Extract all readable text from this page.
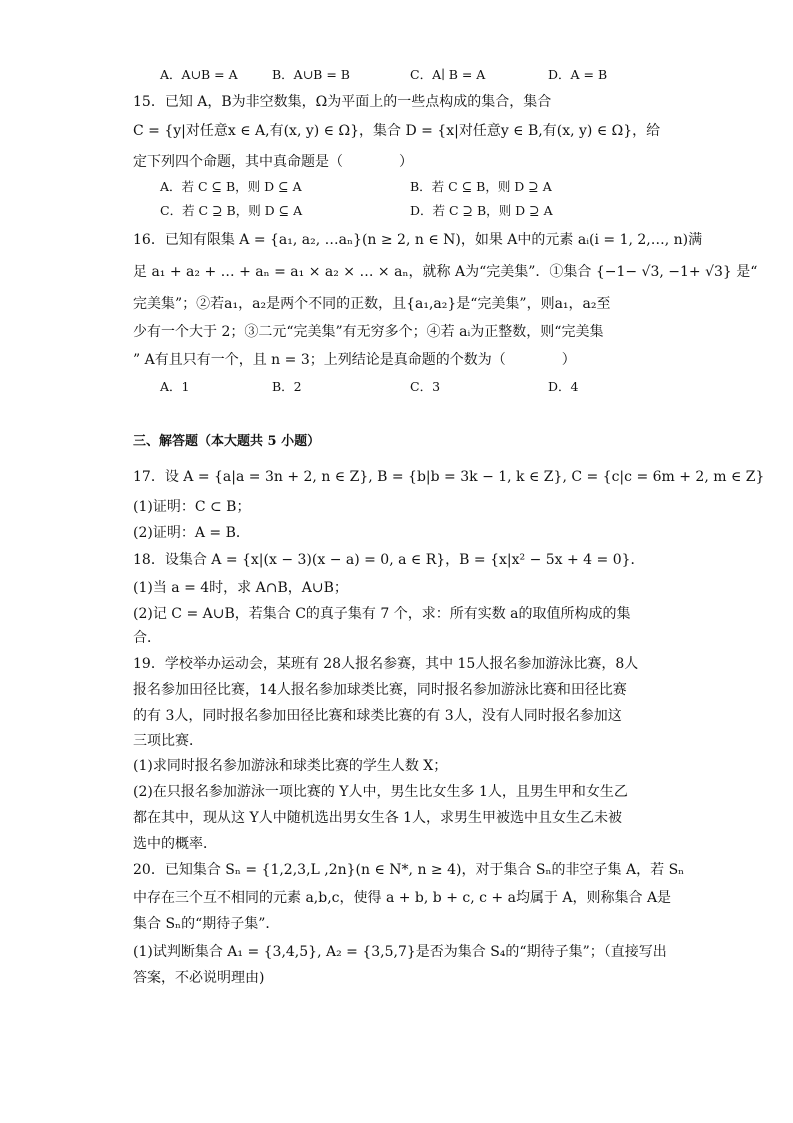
A．A∪B = A	B．A∪B = B	C．A∣ B = A	D．A = B
15．已知 A，B为非空数集，Ω为平面上的一些点构成的集合，集合
C = {y|对任意x ∈ A,有(x, y) ∈ Ω}，集合 D = {x|对任意y ∈ B,有(x, y) ∈ Ω}，给
定下列四个命题，其中真命题是（　　　　）
A．若 C ⊆ B，则 D ⊆ A	B．若 C ⊆ B，则 D ⊇ A
C．若 C ⊇ B，则 D ⊆ A	D．若 C ⊇ B，则 D ⊇ A
16．已知有限集 A = {a₁, a₂, …aₙ}(n ≥ 2, n ∈ N)，如果 A中的元素 aᵢ(i = 1, 2,…, n)满
足 a₁ + a₂ + … + aₙ = a₁ × a₂ × … × aₙ，就称 A为“完美集”．①集合 {−1− √3, −1+ √3} 是“
完美集”；②若a₁，a₂是两个不同的正数，且{a₁,a₂}是“完美集”，则a₁，a₂至
少有一个大于 2；③二元“完美集”有无穷多个；④若 aᵢ为正整数，则“完美集
” A有且只有一个，且 n = 3；上列结论是真命题的个数为（　　　　）
A．1	B．2	C．3	D．4
三、解答题（本大题共 5 小题）
17．设 A = {a|a = 3n + 2, n ∈ Z}, B = {b|b = 3k − 1, k ∈ Z}, C = {c|c = 6m + 2, m ∈ Z}
(1)证明：C ⊂ B；
(2)证明：A = B．
18．设集合 A = {x|(x − 3)(x − a) = 0, a ∈ R}，B = {x|x² − 5x + 4 = 0}．
(1)当 a = 4时，求 A∩B，A∪B；
(2)记 C = A∪B，若集合 C的真子集有 7 个，求：所有实数 a的取值所构成的集
合．
19．学校举办运动会，某班有 28人报名参赛，其中 15人报名参加游泳比赛，8人
报名参加田径比赛，14人报名参加球类比赛，同时报名参加游泳比赛和田径比赛
的有 3人，同时报名参加田径比赛和球类比赛的有 3人，没有人同时报名参加这
三项比赛．
(1)求同时报名参加游泳和球类比赛的学生人数 X；
(2)在只报名参加游泳一项比赛的 Y人中，男生比女生多 1人，且男生甲和女生乙
都在其中，现从这 Y人中随机选出男女生各 1人，求男生甲被选中且女生乙未被
选中的概率．
20．已知集合 Sₙ = {1,2,3,L ,2n}(n ∈ N*, n ≥ 4)，对于集合 Sₙ的非空子集 A，若 Sₙ
中存在三个互不相同的元素 a,b,c，使得 a + b, b + c, c + a均属于 A，则称集合 A是
集合 Sₙ的“期待子集”．
(1)试判断集合 A₁ = {3,4,5}, A₂ = {3,5,7}是否为集合 S₄的“期待子集”；（直接写出
答案，不必说明理由)
